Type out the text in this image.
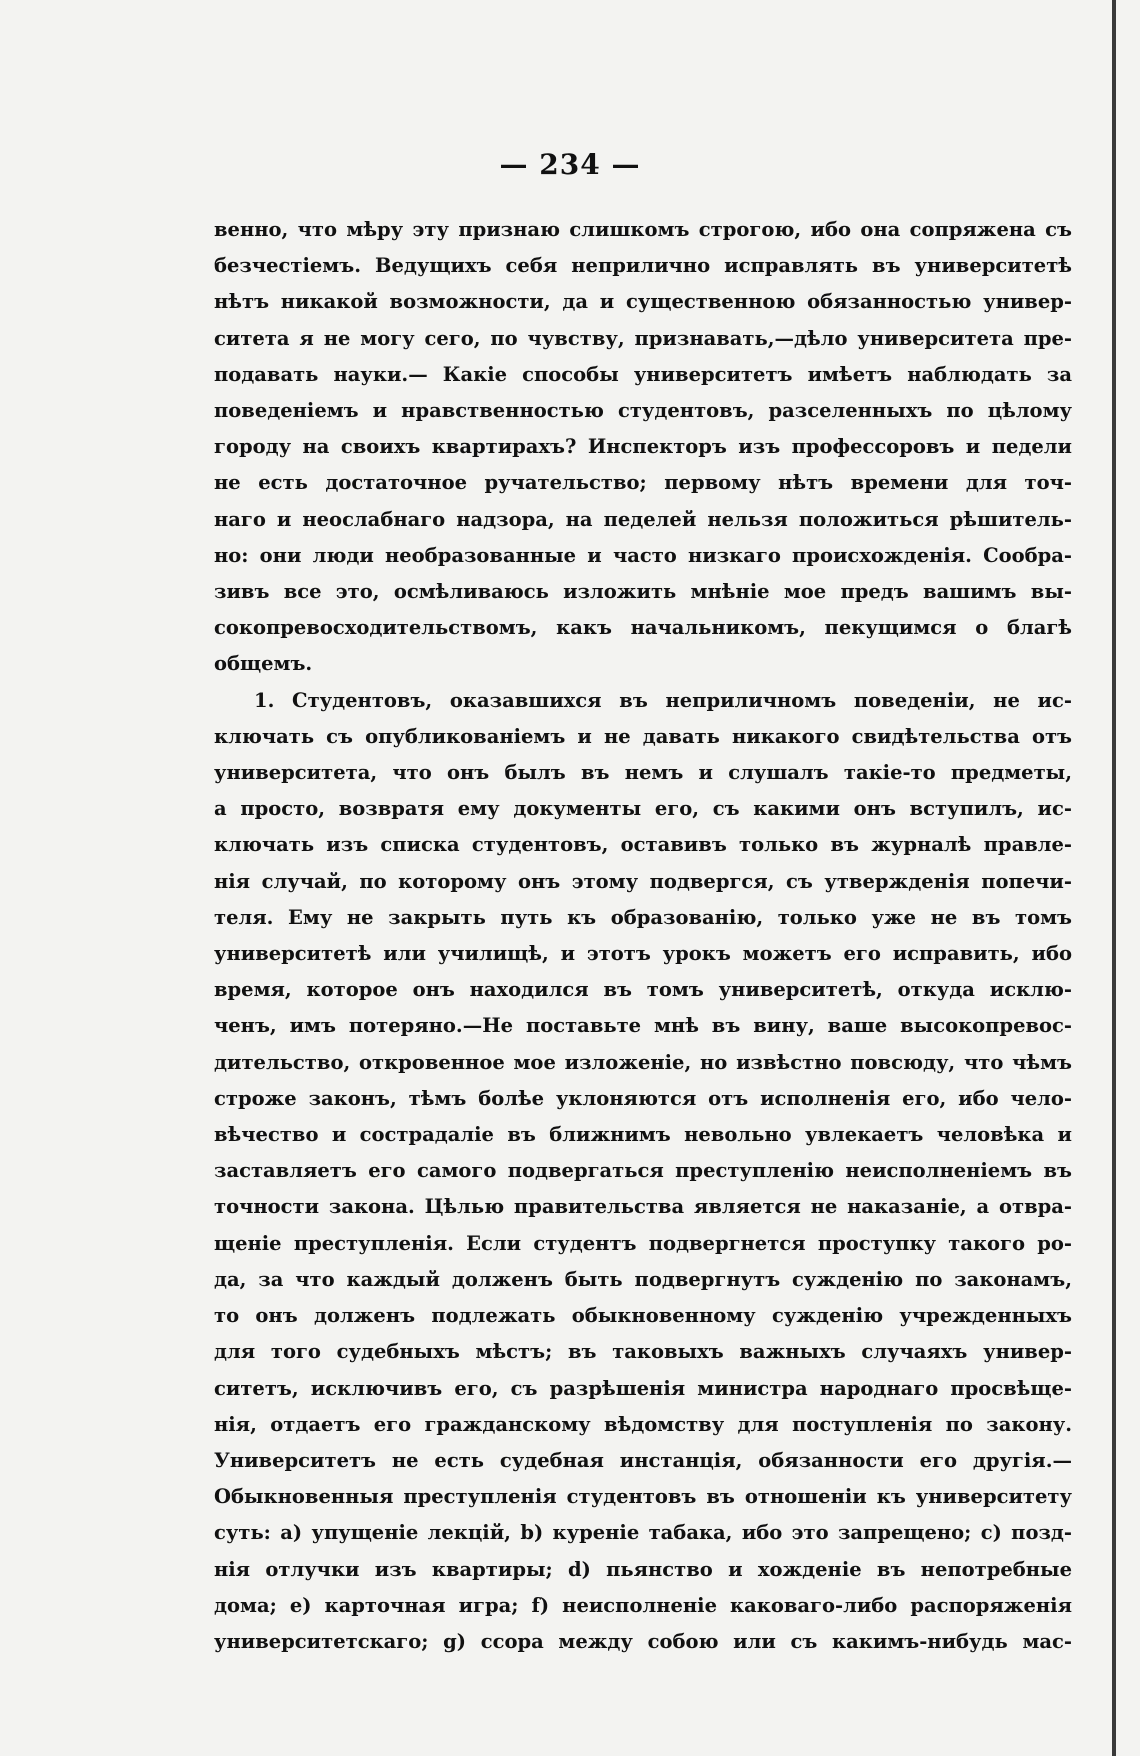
— 234 —
венно, что мѣру эту признаю слишкомъ строгою, ибо она сопряжена съ
безчестіемъ. Ведущихъ себя неприлично исправлять въ университетѣ
нѣтъ никакой возможности, да и существенною обязанностью универ-
ситета я не могу сего, по чувству, признавать,—дѣло университета пре-
подавать науки.— Какіе способы университетъ имѣетъ наблюдать за
поведеніемъ и нравственностью студентовъ, разселенныхъ по цѣлому
городу на своихъ квартирахъ? Инспекторъ изъ профессоровъ и педели
не есть достаточное ручательство; первому нѣтъ времени для точ-
наго и неослабнаго надзора, на педелей нельзя положиться рѣшитель-
но: они люди необразованные и часто низкаго происхожденія. Сообра-
зивъ все это, осмѣливаюсь изложить мнѣніе мое предъ вашимъ вы-
сокопревосходительствомъ, какъ начальникомъ, пекущимся о благѣ
общемъ.
1. Студентовъ, оказавшихся въ неприличномъ поведеніи, не ис-
ключать съ опубликованіемъ и не давать никакого свидѣтельства отъ
университета, что онъ былъ въ немъ и слушалъ такіе-то предметы,
а просто, возвратя ему документы его, съ какими онъ вступилъ, ис-
ключать изъ списка студентовъ, оставивъ только въ журналѣ правле-
нія случай, по которому онъ этому подвергся, съ утвержденія попечи-
теля. Ему не закрыть путь къ образованію, только уже не въ томъ
университетѣ или училищѣ, и этотъ урокъ можетъ его исправить, ибо
время, которое онъ находился въ томъ университетѣ, откуда исклю-
ченъ, имъ потеряно.—Не поставьте мнѣ въ вину, ваше высокопревос-
дительство, откровенное мое изложеніе, но извѣстно повсюду, что чѣмъ
строже законъ, тѣмъ болѣе уклоняются отъ исполненія его, ибо чело-
вѣчество и сострадаліе въ ближнимъ невольно увлекаетъ человѣка и
заставляетъ его самого подвергаться преступленію неисполненіемъ въ
точности закона. Цѣлью правительства является не наказаніе, а отвра-
щеніе преступленія. Если студентъ подвергнется проступку такого ро-
да, за что каждый долженъ быть подвергнутъ сужденію по законамъ,
то онъ долженъ подлежать обыкновенному сужденію учрежденныхъ
для того судебныхъ мѣстъ; въ таковыхъ важныхъ случаяхъ универ-
ситетъ, исключивъ его, съ разрѣшенія министра народнаго просвѣще-
нія, отдаетъ его гражданскому вѣдомству для поступленія по закону.
Университетъ не есть судебная инстанція, обязанности его другія.—
Обыкновенныя преступленія студентовъ въ отношеніи къ университету
суть: a) упущеніе лекцій, b) куреніе табака, ибо это запрещено; c) позд-
нія отлучки изъ квартиры; d) пьянство и хожденіе въ непотребные
дома; e) карточная игра; f) неисполненіе каковаго-либо распоряженія
университетскаго; g) ссора между собою или съ какимъ-нибудь мас-
